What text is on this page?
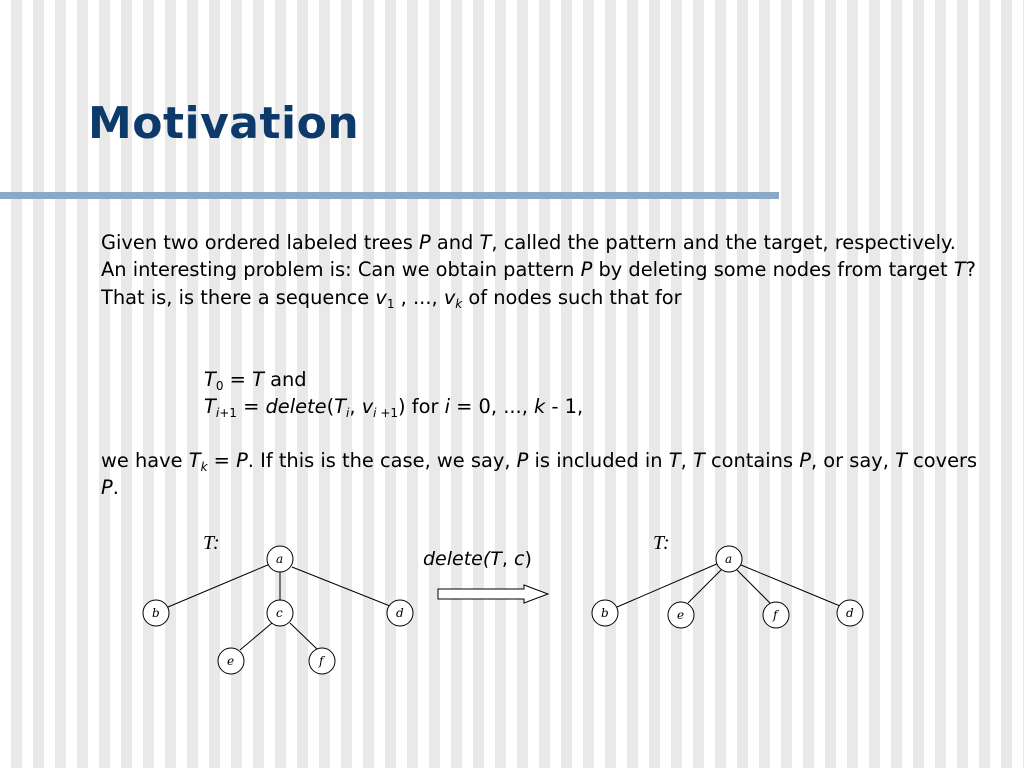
Motivation

Given two ordered labeled trees P and T, called the pattern and the target, respectively. An interesting problem is: Can we obtain pattern P by deleting some nodes from target T? That is, is there a sequence $v_1$ , ..., $v_k$ of nodes such that for

$T_0 = T$ and
$T_{i+1}$ = $delete(T_i$, $v_i$ $_{+1}$) for i = 0, ..., k - 1,

we have $T_k = P$. If this is the case, we say, P is included in T, T contains P, or say, T covers P.

T:
a
b	c	d
e	f
delete(T, c)
T:
a
b	e	f	d
